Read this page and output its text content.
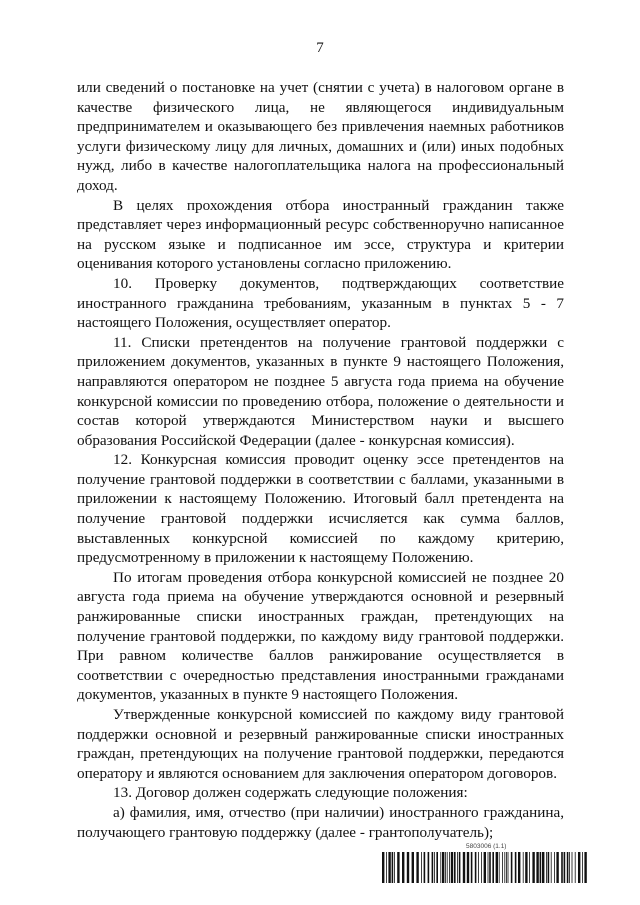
7

или сведений о постановке на учет (снятии с учета) в налоговом органе в качестве физического лица, не являющегося индивидуальным предпринимателем и оказывающего без привлечения наемных работников услуги физическому лицу для личных, домашних и (или) иных подобных нужд, либо в качестве налогоплательщика налога на профессиональный доход.

В целях прохождения отбора иностранный гражданин также представляет через информационный ресурс собственноручно написанное на русском языке и подписанное им эссе, структура и критерии оценивания которого установлены согласно приложению.

10. Проверку документов, подтверждающих соответствие иностранного гражданина требованиям, указанным в пунктах 5 - 7 настоящего Положения, осуществляет оператор.

11. Списки претендентов на получение грантовой поддержки с приложением документов, указанных в пункте 9 настоящего Положения, направляются оператором не позднее 5 августа года приема на обучение конкурсной комиссии по проведению отбора, положение о деятельности и состав которой утверждаются Министерством науки и высшего образования Российской Федерации (далее - конкурсная комиссия).

12. Конкурсная комиссия проводит оценку эссе претендентов на получение грантовой поддержки в соответствии с баллами, указанными в приложении к настоящему Положению. Итоговый балл претендента на получение грантовой поддержки исчисляется как сумма баллов, выставленных конкурсной комиссией по каждому критерию, предусмотренному в приложении к настоящему Положению.

По итогам проведения отбора конкурсной комиссией не позднее 20 августа года приема на обучение утверждаются основной и резервный ранжированные списки иностранных граждан, претендующих на получение грантовой поддержки, по каждому виду грантовой поддержки. При равном количестве баллов ранжирование осуществляется в соответствии с очередностью представления иностранными гражданами документов, указанных в пункте 9 настоящего Положения.

Утвержденные конкурсной комиссией по каждому виду грантовой поддержки основной и резервный ранжированные списки иностранных граждан, претендующих на получение грантовой поддержки, передаются оператору и являются основанием для заключения оператором договоров.

13. Договор должен содержать следующие положения:

а) фамилия, имя, отчество (при наличии) иностранного гражданина, получающего грантовую поддержку (далее - грантополучатель);

5803006 (1.1)
